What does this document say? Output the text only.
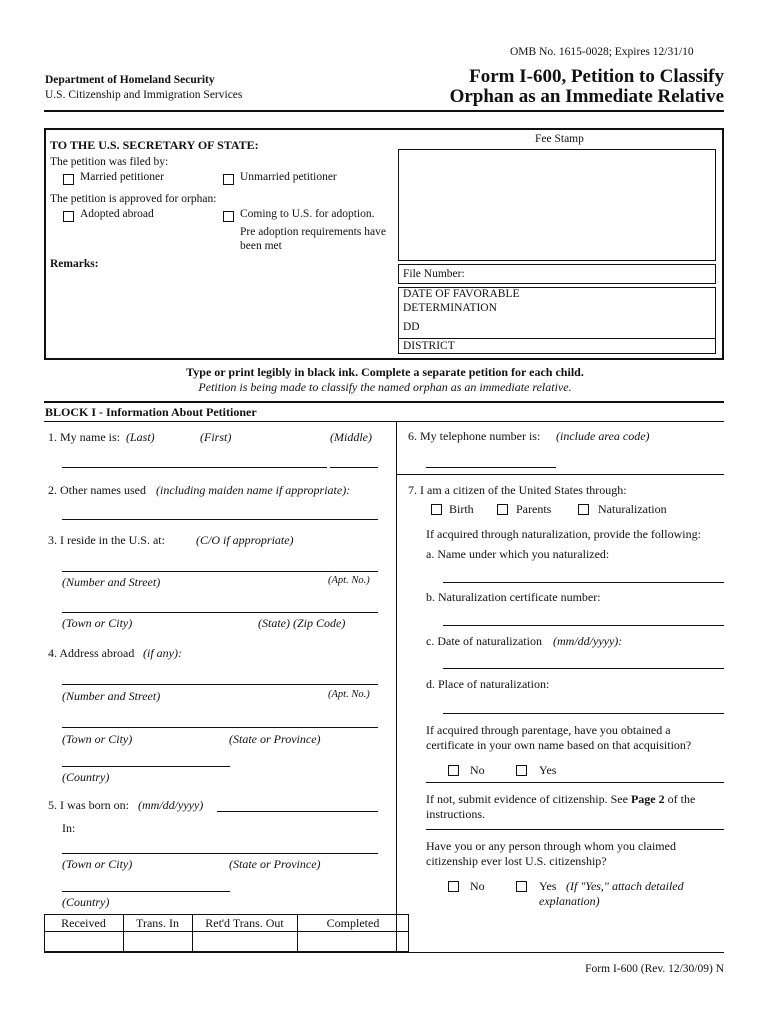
OMB No. 1615-0028; Expires 12/31/10
Department of Homeland Security
U.S. Citizenship and Immigration Services
Form I-600, Petition to Classify
Orphan as an Immediate Relative
TO THE U.S. SECRETARY OF STATE:
The petition was filed by:
Married petitioner	Unmarried petitioner
The petition is approved for orphan:
Adopted abroad	Coming to U.S. for adoption.
Pre adoption requirements have
been met
Remarks:
Fee Stamp
File Number:
DATE OF FAVORABLE
DETERMINATION
DD
DISTRICT
Type or print legibly in black ink. Complete a separate petition for each child.
Petition is being made to classify the named orphan as an immediate relative.
BLOCK I - Information About Petitioner
1. My name is: (Last)	(First)	(Middle)
2. Other names used (including maiden name if appropriate):
3. I reside in the U.S. at:	(C/O if appropriate)
(Number and Street)	(Apt. No.)
(Town or City)	(State) (Zip Code)
4. Address abroad (if any):
(Number and Street)	(Apt. No.)
(Town or City)	(State or Province)
(Country)
5. I was born on: (mm/dd/yyyy)
In:
(Town or City)	(State or Province)
(Country)
6. My telephone number is: (include area code)
7. I am a citizen of the United States through:
Birth	Parents	Naturalization
If acquired through naturalization, provide the following:
a. Name under which you naturalized:
b. Naturalization certificate number:
c. Date of naturalization (mm/dd/yyyy):
d. Place of naturalization:
If acquired through parentage, have you obtained a
certificate in your own name based on that acquisition?
No	Yes
If not, submit evidence of citizenship. See Page 2 of the
instructions.
Have you or any person through whom you claimed
citizenship ever lost U.S. citizenship?
No	Yes (If "Yes," attach detailed
explanation)
Received	Trans. In	Ret'd Trans. Out	Completed
Form I-600 (Rev. 12/30/09) N
